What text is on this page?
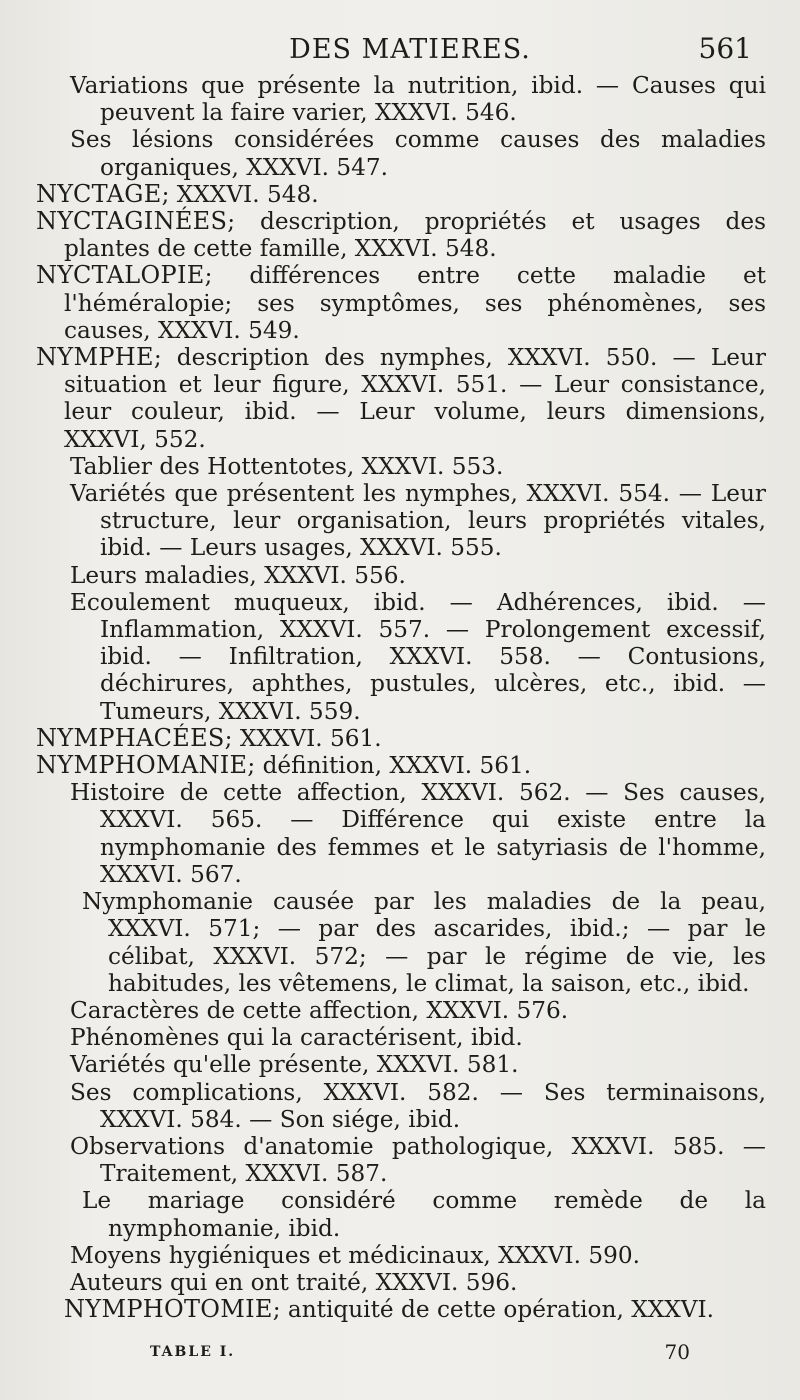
DES MATIERES.	561

Variations que présente la nutrition, ibid. — Causes qui peuvent la faire varier, XXXVI. 546.

Ses lésions considérées comme causes des maladies organiques, XXXVI. 547.

NYCTAGE; XXXVI. 548.

NYCTAGINÉES; description, propriétés et usages des plantes de cette famille, XXXVI. 548.

NYCTALOPIE; différences entre cette maladie et l'héméralopie; ses symptômes, ses phénomènes, ses causes, XXXVI. 549.

NYMPHE; description des nymphes, XXXVI. 550. — Leur situation et leur figure, XXXVI. 551. — Leur consistance, leur couleur, ibid. — Leur volume, leurs dimensions, XXXVI, 552.

Tablier des Hottentotes, XXXVI. 553.

Variétés que présentent les nymphes, XXXVI. 554. — Leur structure, leur organisation, leurs propriétés vitales, ibid. — Leurs usages, XXXVI. 555.

Leurs maladies, XXXVI. 556.

Ecoulement muqueux, ibid. — Adhérences, ibid. — Inflammation, XXXVI. 557. — Prolongement excessif, ibid. — Infiltration, XXXVI. 558. — Contusions, déchirures, aphthes, pustules, ulcères, etc., ibid. — Tumeurs, XXXVI. 559.

NYMPHACÉES; XXXVI. 561.

NYMPHOMANIE; définition, XXXVI. 561.

Histoire de cette affection, XXXVI. 562. — Ses causes, XXXVI. 565. — Différence qui existe entre la nymphomanie des femmes et le satyriasis de l'homme, XXXVI. 567.

Nymphomanie causée par les maladies de la peau, XXXVI. 571; — par des ascarides, ibid.; — par le célibat, XXXVI. 572; — par le régime de vie, les habitudes, les vêtemens, le climat, la saison, etc., ibid.

Caractères de cette affection, XXXVI. 576.

Phénomènes qui la caractérisent, ibid.

Variétés qu'elle présente, XXXVI. 581.

Ses complications, XXXVI. 582. — Ses terminaisons, XXXVI. 584. — Son siége, ibid.

Observations d'anatomie pathologique, XXXVI. 585. — Traitement, XXXVI. 587.

Le mariage considéré comme remède de la nymphomanie, ibid.

Moyens hygiéniques et médicinaux, XXXVI. 590.

Auteurs qui en ont traité, XXXVI. 596.

NYMPHOTOMIE; antiquité de cette opération, XXXVI.

TABLE I.	70
